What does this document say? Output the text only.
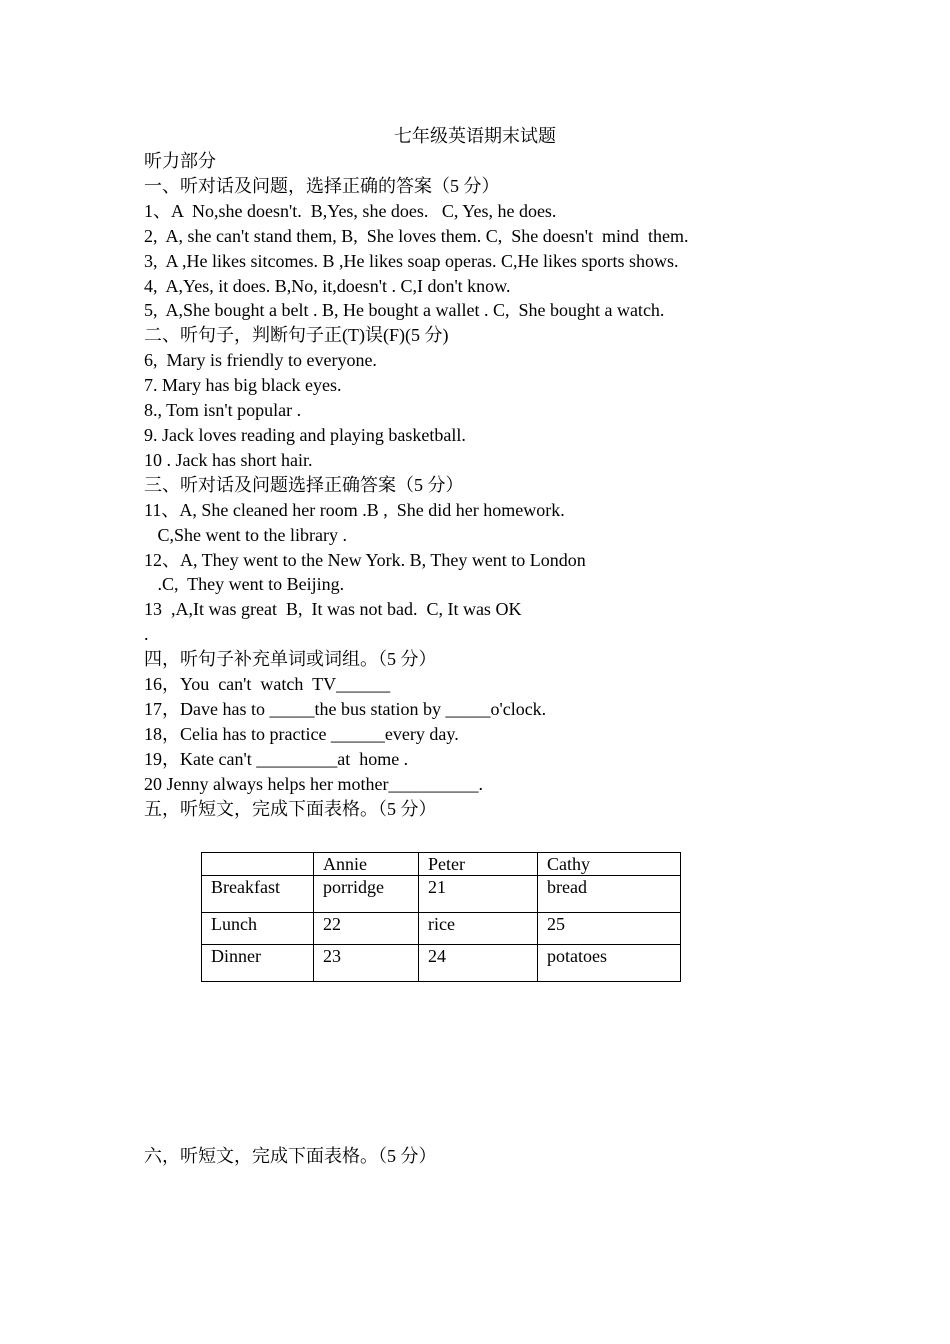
七年级英语期末试题
听力部分
一、听对话及问题，选择正确的答案（5 分）
1、A  No,she doesn't.  B,Yes, she does.   C, Yes, he does.
2,  A, she can't stand them, B,  She loves them. C,  She doesn't  mind  them.
3,  A ,He likes sitcomes. B ,He likes soap operas. C,He likes sports shows.
4,  A,Yes, it does. B,No, it,doesn't . C,I don't know.
5,  A,She bought a belt . B, He bought a wallet . C,  She bought a watch.
二、听句子，判断句子正(T)误(F)(5 分)
6,  Mary is friendly to everyone.
7. Mary has big black eyes.
8., Tom isn't popular .
9. Jack loves reading and playing basketball.
10 . Jack has short hair.
三、听对话及问题选择正确答案（5 分）
11、A, She cleaned her room .B ,  She did her homework.
C,She went to the library .
12、A, They went to the New York. B, They went to London
.C,  They went to Beijing.
13  ,A,It was great  B,  It was not bad.  C, It was OK
.
四，听句子补充单词或词组。（5 分）
16，You  can't  watch  TV______
17，Dave has to _____the bus station by _____o'clock.
18，Celia has to practice ______every day.
19，Kate can't _________at  home .
20 Jenny always helps her mother__________.
五，听短文，完成下面表格。（5 分）
	Annie	Peter	Cathy
Breakfast	porridge	21	bread
Lunch	22	rice	25
Dinner	23	24	potatoes
六，听短文，完成下面表格。（5 分）
